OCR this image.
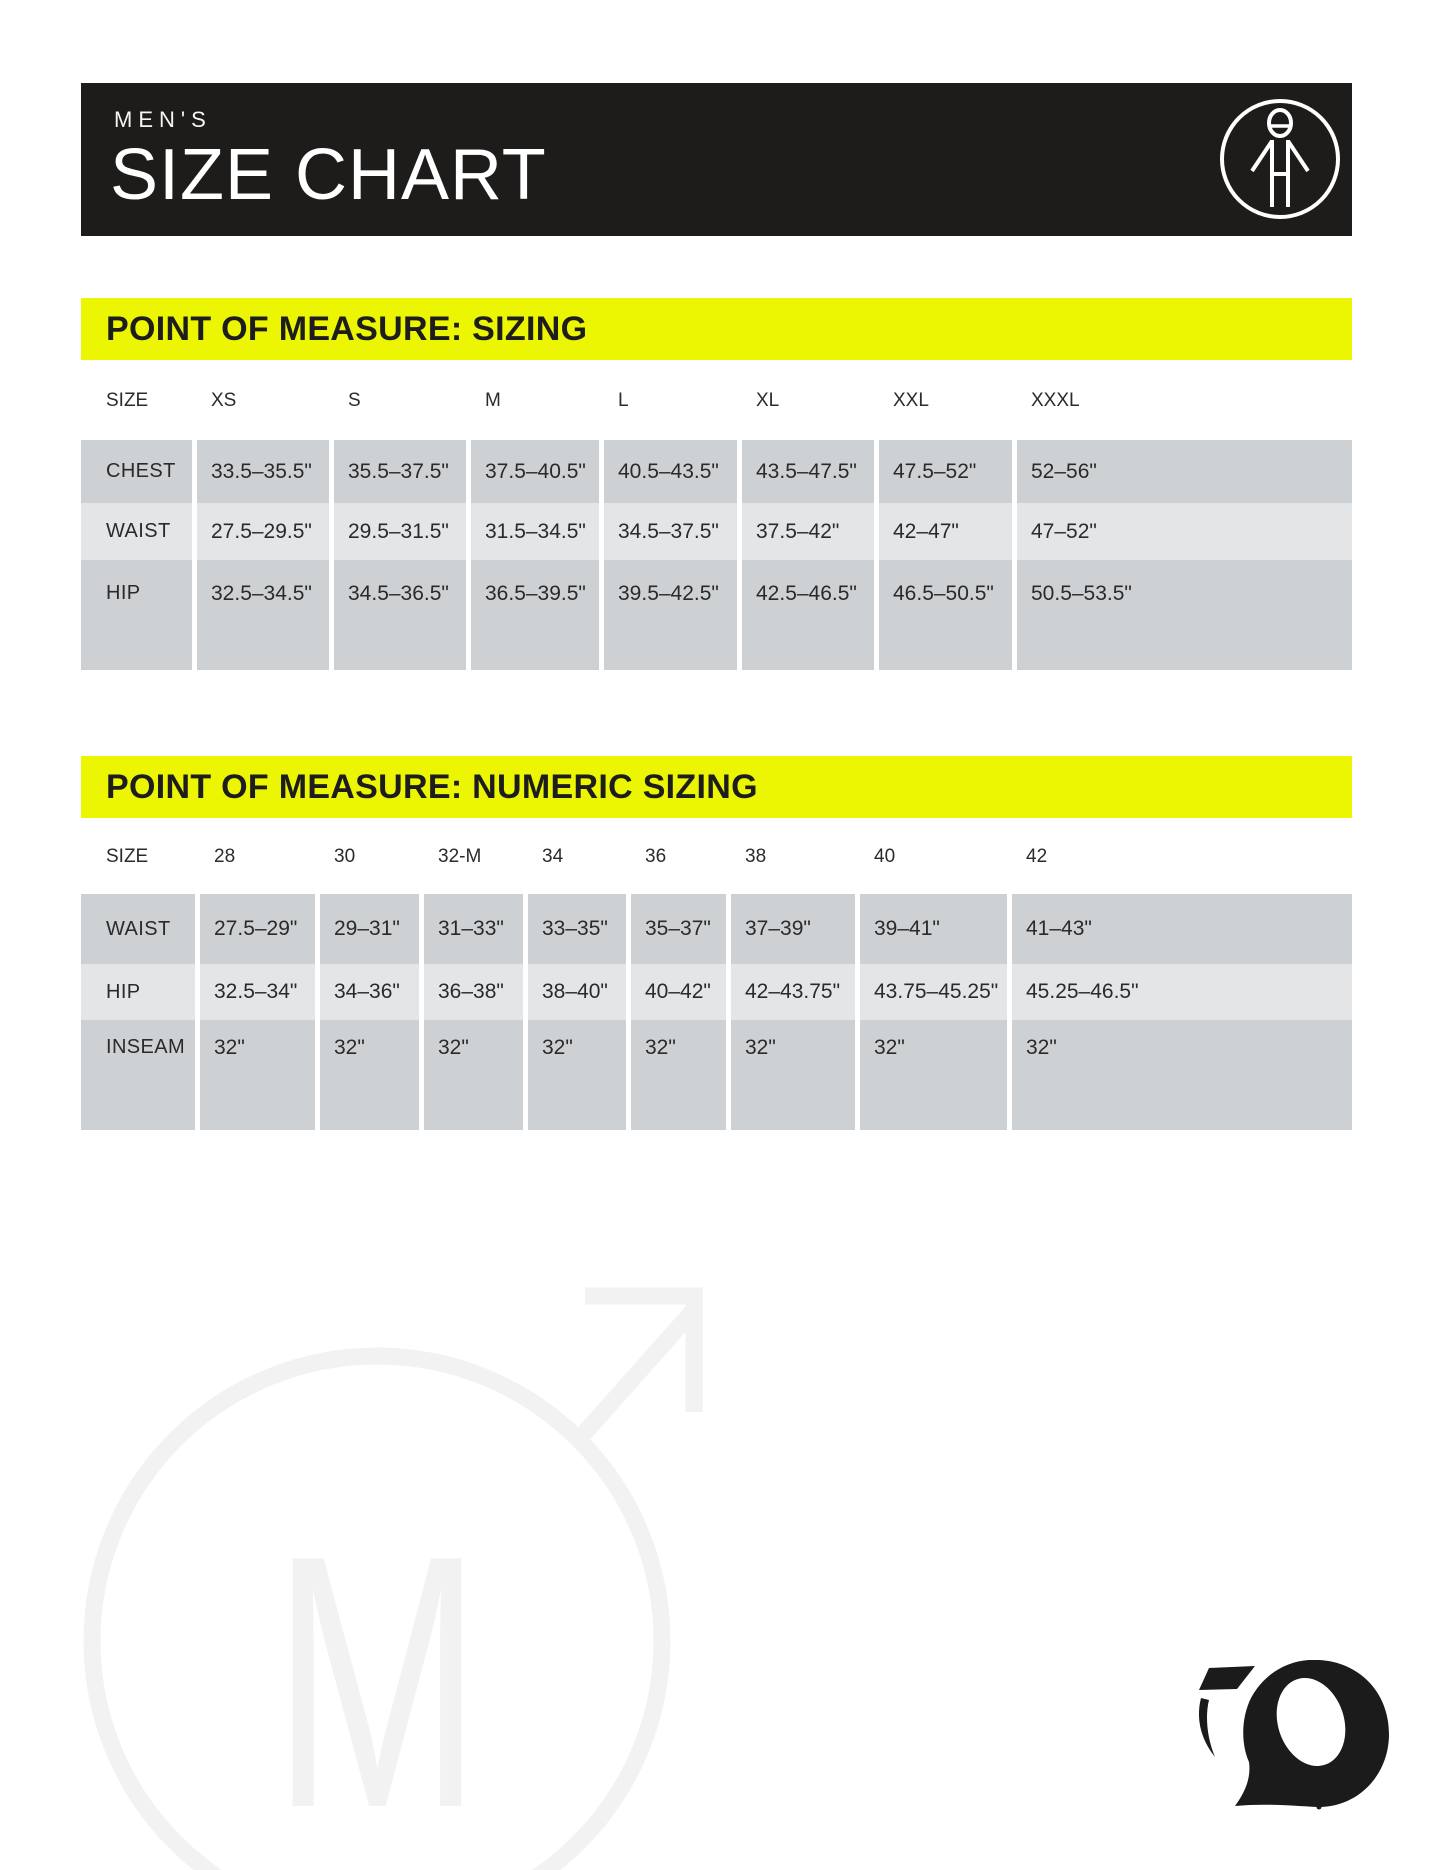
M
MEN'S
SIZE CHART
POINT OF MEASURE: SIZING
SIZE	XS	S	M	L	XL	XXL	XXXL
CHEST	33.5–35.5"	35.5–37.5"	37.5–40.5"	40.5–43.5"	43.5–47.5"	47.5–52"	52–56"
WAIST	27.5–29.5"	29.5–31.5"	31.5–34.5"	34.5–37.5"	37.5–42"	42–47"	47–52"
HIP	32.5–34.5"	34.5–36.5"	36.5–39.5"	39.5–42.5"	42.5–46.5"	46.5–50.5"	50.5–53.5"
POINT OF MEASURE: NUMERIC SIZING
SIZE	28	30	32-M	34	36	38	40	42
WAIST	27.5–29"	29–31"	31–33"	33–35"	35–37"	37–39"	39–41"	41–43"
HIP	32.5–34"	34–36"	36–38"	38–40"	40–42"	42–43.75"	43.75–45.25"	45.25–46.5"
INSEAM	32"	32"	32"	32"	32"	32"	32"	32"
